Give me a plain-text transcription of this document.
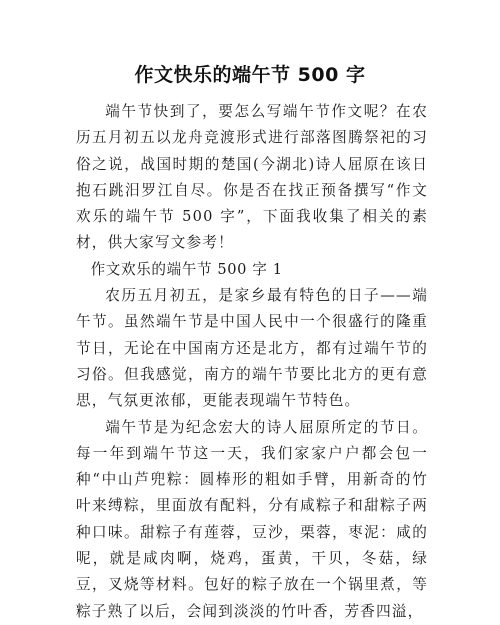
作文快乐的端午节 500 字

端午节快到了，要怎么写端午节作文呢？在农历五月初五以龙舟竞渡形式进行部落图腾祭祀的习俗之说，战国时期的楚国(今湖北)诗人屈原在该日抱石跳汨罗江自尽。你是否在找正预备撰写“作文欢乐的端午节 500 字”，下面我收集了相关的素材，供大家写文参考！

作文欢乐的端午节 500 字 1

农历五月初五，是家乡最有特色的日子——端午节。虽然端午节是中国人民中一个很盛行的隆重节日，无论在中国南方还是北方，都有过端午节的习俗。但我感觉，南方的端午节要比北方的更有意思，气氛更浓郁，更能表现端午节特色。

端午节是为纪念宏大的诗人屈原所定的节日。每一年到端午节这一天，我们家家户户都会包一种“中山芦兜粽：圆棒形的粗如手臂，用新奇的竹叶来缚粽，里面放有配料，分有咸粽子和甜粽子两种口味。甜粽子有莲蓉，豆沙，栗蓉，枣泥：咸的呢，就是咸肉啊，烧鸡，蛋黄，干贝，冬菇，绿豆，叉烧等材料。包好的粽子放在一个锅里煮，等粽子熟了以后，会闻到淡淡的竹叶香，芳香四溢，
